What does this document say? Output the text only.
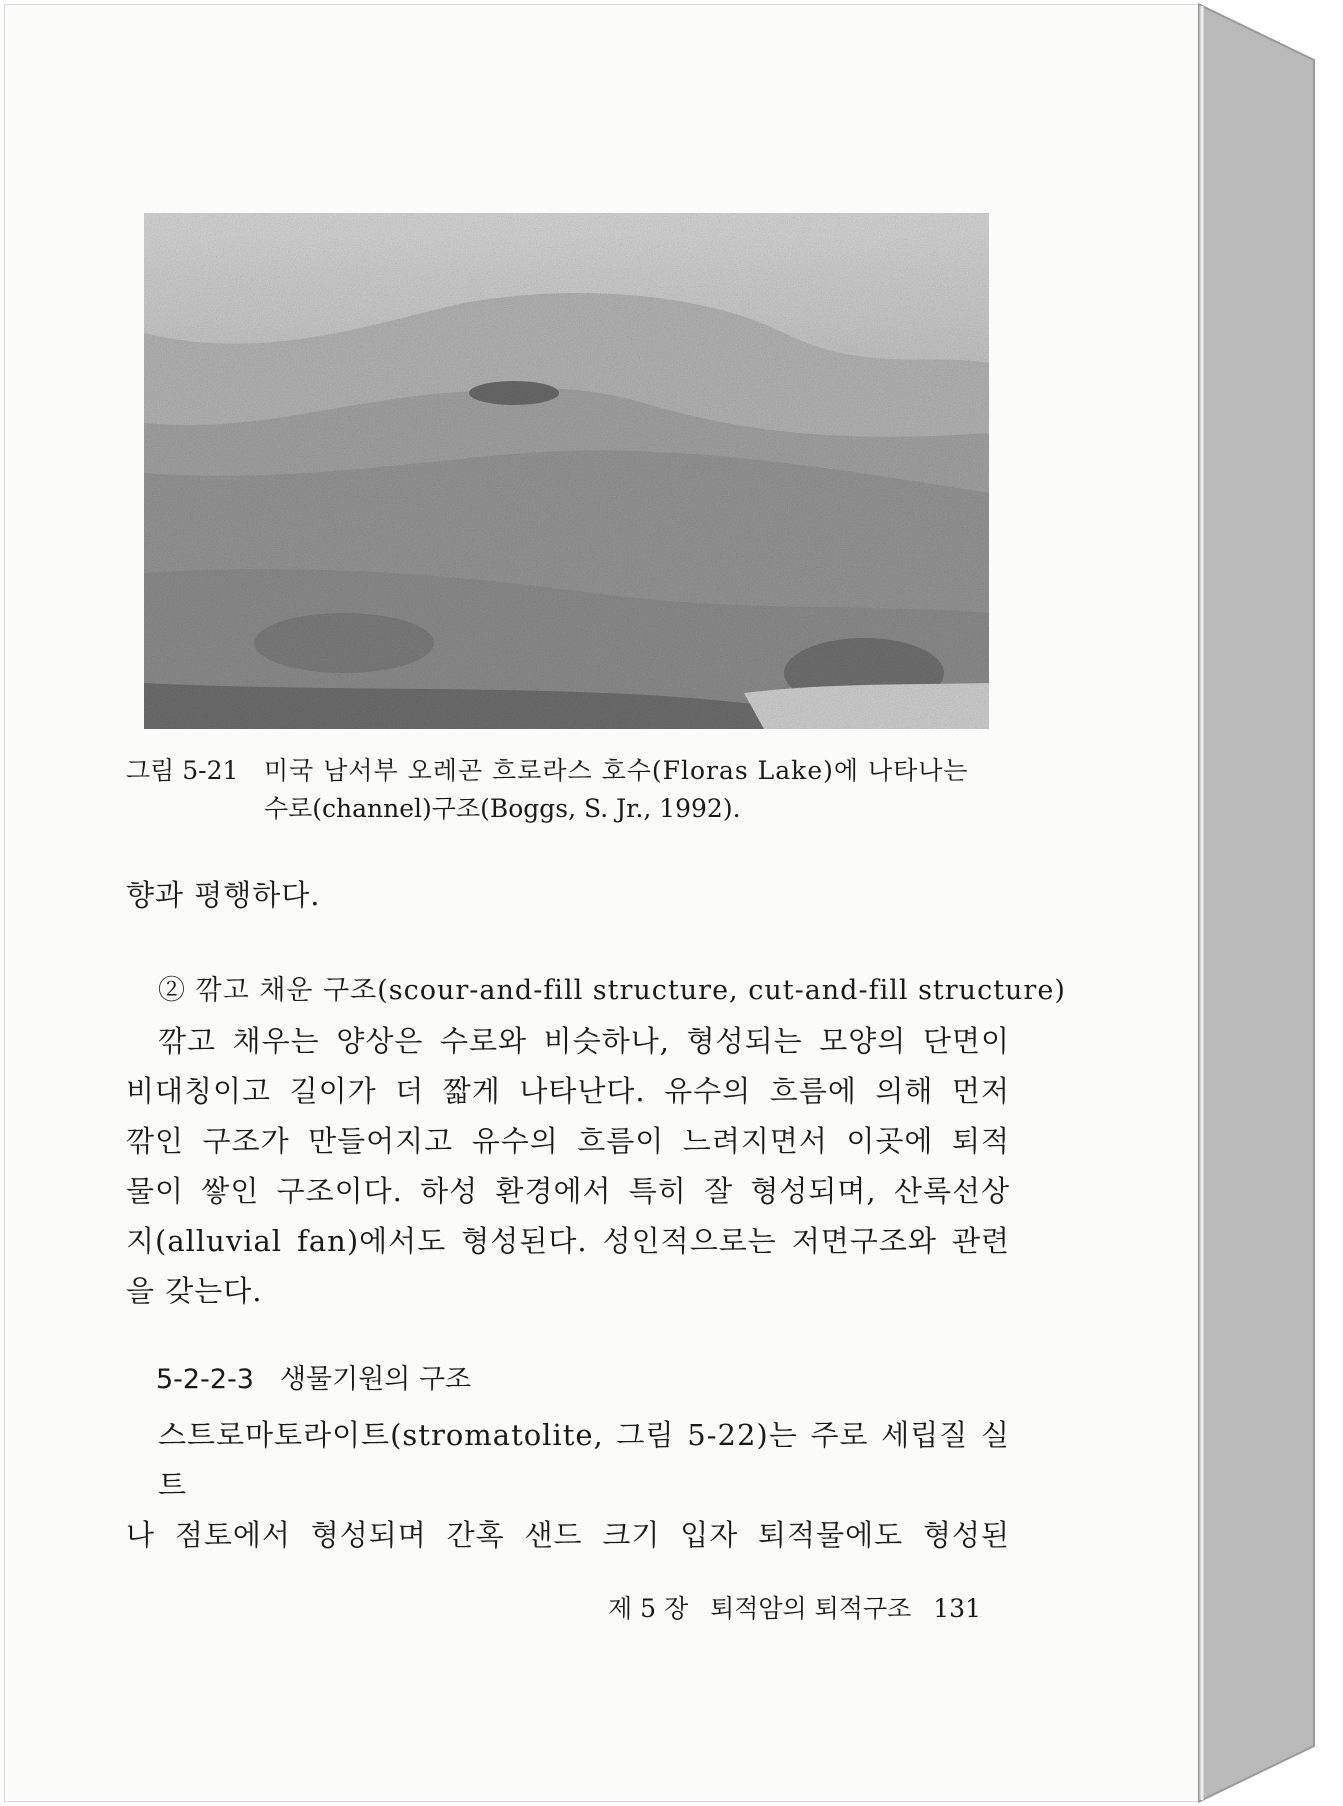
그림 5-21 미국 남서부 오레곤 흐로라스 호수(Floras Lake)에 나타나는
수로(channel)구조(Boggs, S. Jr., 1992).
향과 평행하다.
② 깎고 채운 구조(scour-and-fill structure, cut-and-fill structure)
깎고 채우는 양상은 수로와 비슷하나, 형성되는 모양의 단면이
비대칭이고 길이가 더 짧게 나타난다. 유수의 흐름에 의해 먼저
깎인 구조가 만들어지고 유수의 흐름이 느려지면서 이곳에 퇴적
물이 쌓인 구조이다. 하성 환경에서 특히 잘 형성되며, 산록선상
지(alluvial fan)에서도 형성된다. 성인적으로는 저면구조와 관련
을 갖는다.
5-2-2-3 생물기원의 구조
스트로마토라이트(stromatolite, 그림 5-22)는 주로 세립질 실트
나 점토에서 형성되며 간혹 샌드 크기 입자 퇴적물에도 형성된
제 5 장 퇴적암의 퇴적구조 131
